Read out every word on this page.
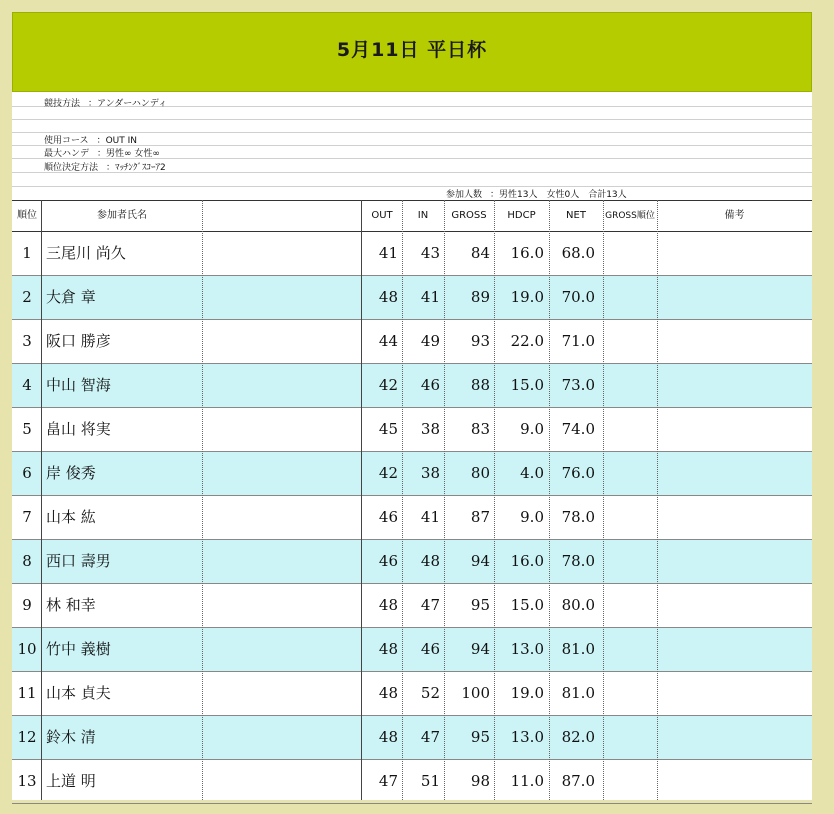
5月11日 平日杯
競技方法 ：アンダーハンディ
使用コース ：OUT IN
最大ハンデ ：男性∞ 女性∞
順位決定方法 ：ﾏｯﾁﾝｸﾞｽｺｰｱ2
参加人数 ：男性13人　女性0人　合計13人
順位	参加者氏名	OUT	IN	GROSS	HDCP	NET	GROSS順位	備考
1 三尾川 尚久	41	43	84	16.0	68.0
2 大倉 章	48	41	89	19.0	70.0
3 阪口 勝彦	44	49	93	22.0	71.0
4 中山 智海	42	46	88	15.0	73.0
5 畠山 将実	45	38	83	9.0	74.0
6 岸 俊秀	42	38	80	4.0	76.0
7 山本 紘	46	41	87	9.0	78.0
8 西口 壽男	46	48	94	16.0	78.0
9 林 和幸	48	47	95	15.0	80.0
10 竹中 義樹	48	46	94	13.0	81.0
11 山本 貞夫	48	52	100	19.0	81.0
12 鈴木 清	48	47	95	13.0	82.0
13 上道 明	47	51	98	11.0	87.0
